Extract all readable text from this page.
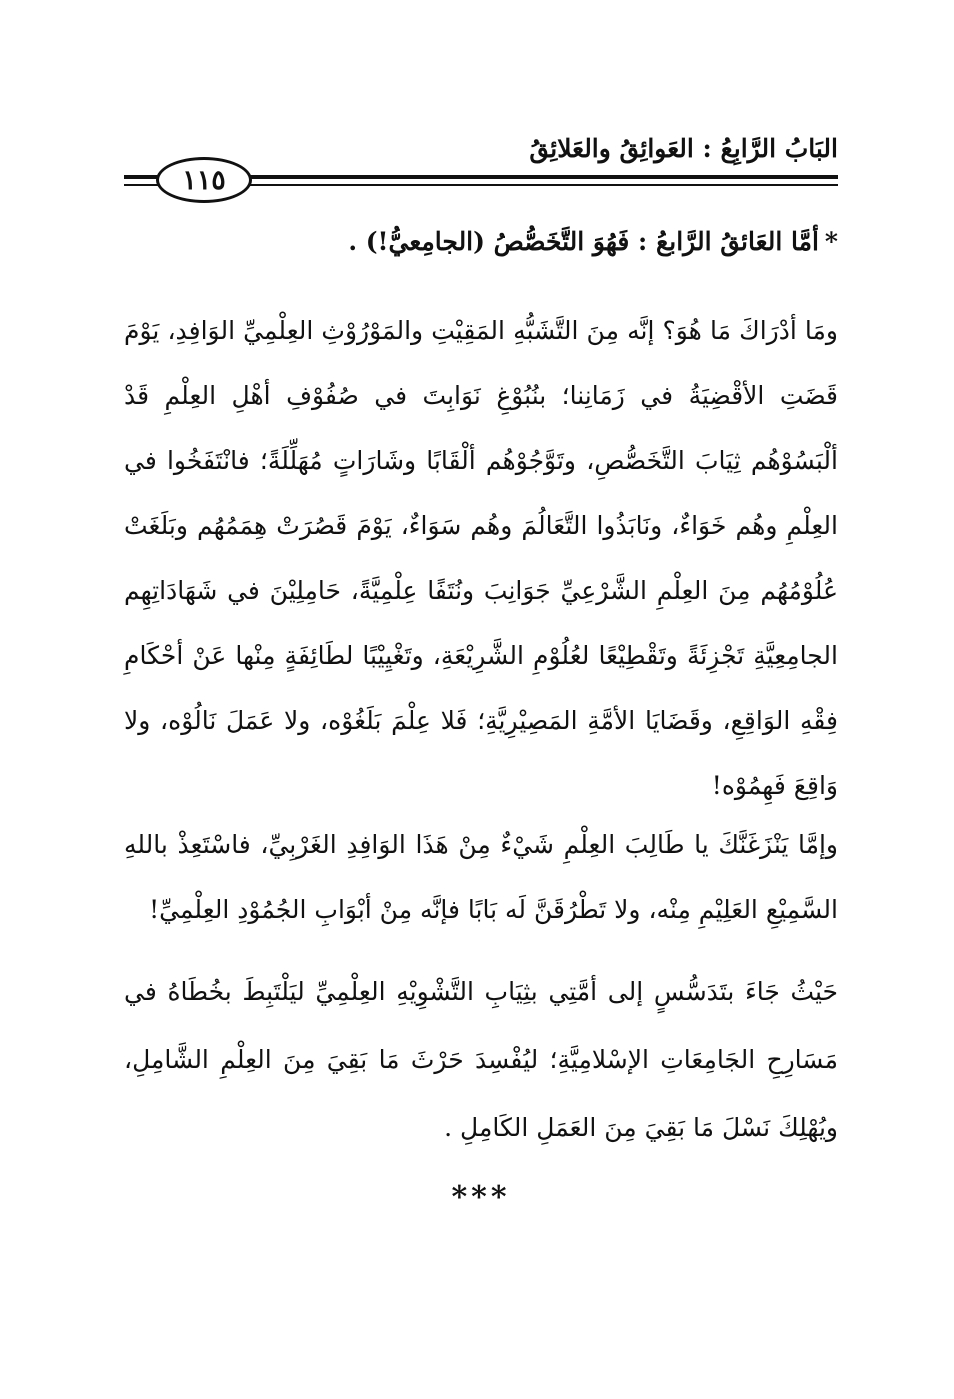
البَابُ الرَّابِعُ : العَوائِقُ والعَلائِقُ
١١٥
*أمَّا العَائقُ الرَّابعُ : فَهُوَ التَّخَصُّصُ (الجامِعيُّ!) .

ومَا أدْرَاكَ مَا هُوَ؟ إنَّه مِنَ التَّشَبُّهِ المَقِيْتِ والمَوْرُوْثِ العِلْمِيِّ الوَافِدِ، يَوْمَ قَضَتِ الأقْضِيَةُ في زَمَانِنا؛ بنُبُوْغِ نَوَابِتَ في صُفُوْفِ أهْلِ العِلْمِ قَدْ ألْبَسُوْهُم ثِيَابَ التَّخَصُّصِ، وتَوَّجُوْهُم ألْقَابًا وشَارَاتٍ مُهَلِّلَةً؛ فانْتَفَخُوا في العِلْمِ وهُم خَوَاءٌ، ونَابَذُوا التَّعَالُمَ وهُم سَوَاءٌ، يَوْمَ قَصُرَتْ هِمَمُهُم وبَلَغَتْ عُلُوْمُهُم مِنَ العِلْمِ الشَّرْعِيِّ جَوَانِبَ ونُتَفًا عِلْمِيَّةً، حَامِلِيْنَ في شَهَادَاتِهِم الجامِعِيَّةِ تَجْزِئَةً وتَقْطِيْعًا لعُلُوْمِ الشَّرِيْعَةِ، وتَغْيِيْبًا لطَائِفَةٍ مِنْها عَنْ أحْكَامِ فِقْهِ الوَاقِعِ، وقَضَايَا الأمَّةِ المَصِيْرِيَّةِ؛ فَلا عِلْمَ بَلَغُوْه، ولا عَمَلَ نَالُوْه، ولا وَاقِعَ فَهِمُوْه!

وإمَّا يَنْزَغَنَّكَ يا طَالِبَ العِلْمِ شَيْءٌ مِنْ هَذَا الوَافِدِ الغَرْبِيِّ، فاسْتَعِذْ باللهِ السَّمِيْعِ العَلِيْمِ مِنْه، ولا تَطْرُقَنَّ لَه بَابًا فإنَّه مِنْ أبْوَابِ الجُمُوْدِ العِلْمِيِّ!

حَيْثُ جَاءَ بتَدَسُّسٍ إلى أمَّتِي بثِيَابِ التَّشْوِيْهِ العِلْمِيِّ ليَلْتَبِطَ بخُطَاهُ في مَسَارِحِ الجَامِعَاتِ الإسْلامِيَّةِ؛ ليُفْسِدَ حَرْثَ مَا بَقِيَ مِنَ العِلْمِ الشَّامِلِ، ويُهْلِكَ نَسْلَ مَا بَقِيَ مِنَ العَمَلِ الكَامِلِ .

***
